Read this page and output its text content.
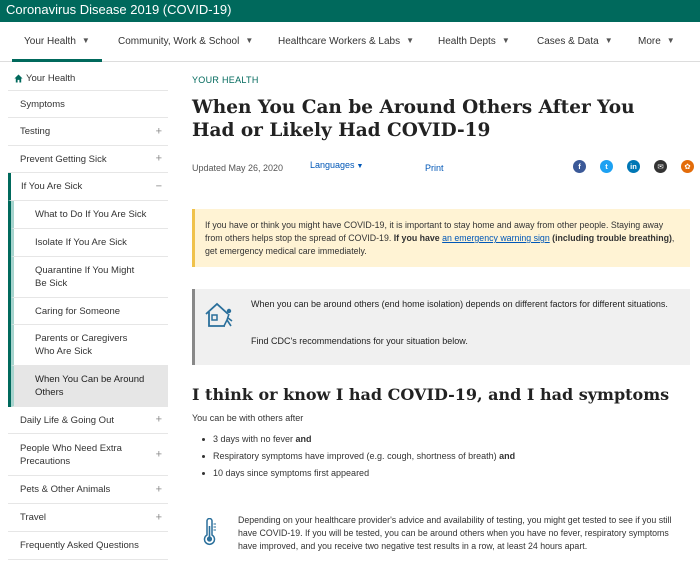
Coronavirus Disease 2019 (COVID-19)
Your Health ▼	Community, Work & School ▼ Healthcare Workers & Labs ▼ Health Depts ▼	Cases & Data ▼	More ▼
Your Health
Symptoms
Testing	+
Prevent Getting Sick	+
If You Are Sick	−
What to Do If You Are Sick
Isolate If You Are Sick
Quarantine If You Might Be Sick
Caring for Someone
Parents or Caregivers Who Are Sick
When You Can be Around Others
Daily Life & Going Out	+
People Who Need Extra Precautions
+
Pets & Other Animals	+
Travel	+
Frequently Asked Questions
YOUR HEALTH
When You Can be Around Others After You Had or Likely Had COVID-19
Updated May 26, 2020	Languages ▼	Print	f	t	in	✉	✿
If you have or think you might have COVID-19, it is important to stay home and away from other people. Staying away from others helps stop the spread of COVID-19. If you have an emergency warning sign (including trouble breathing), get emergency medical care immediately.
When you can be around others (end home isolation) depends on different factors for different situations.
Find CDC's recommendations for your situation below.
I think or know I had COVID-19, and I had symptoms
You can be with others after
3 days with no fever and
Respiratory symptoms have improved (e.g. cough, shortness of breath) and
10 days since symptoms first appeared
Depending on your healthcare provider's advice and availability of testing, you might get tested to see if you still have COVID-19. If you will be tested, you can be around others when you have no fever, respiratory symptoms have improved, and you receive two negative test results in a row, at least 24 hours apart.
